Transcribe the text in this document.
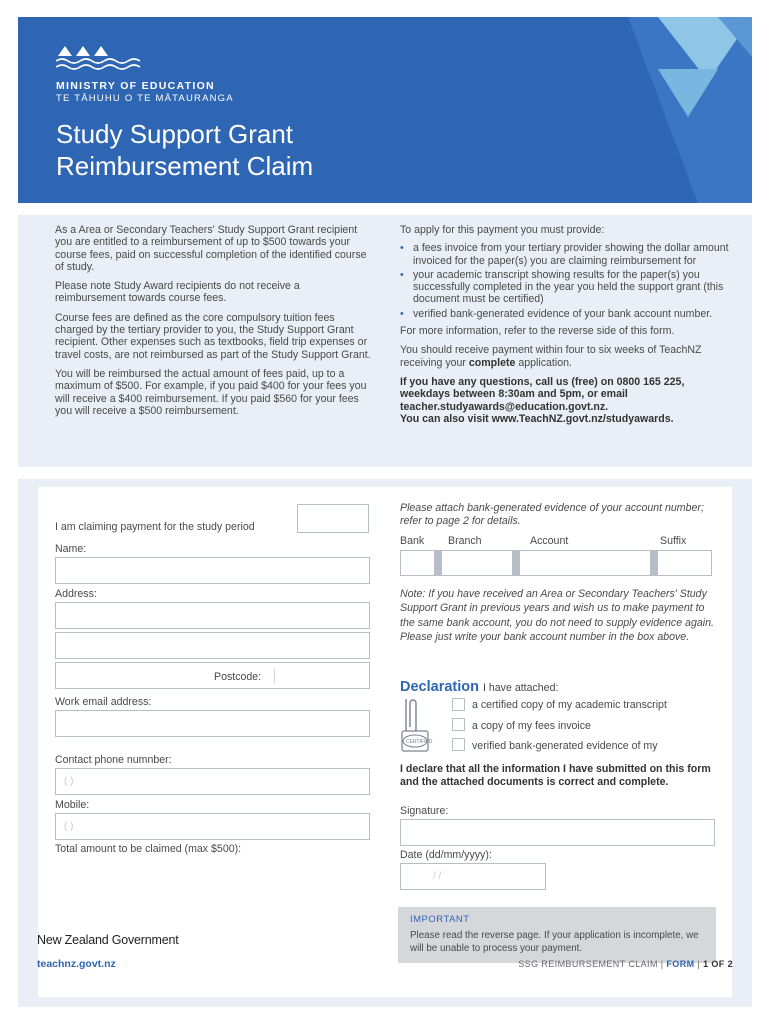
MINISTRY OF EDUCATION
TE TĀHUHU O TE MĀTAURANGA
Study Support Grant
Reimbursement Claim

As a Area or Secondary Teachers' Study Support Grant recipient you are entitled to a reimbursement of up to $500 towards your course fees, paid on successful completion of the identified course of study.

Please note Study Award recipients do not receive a reimbursement towards course fees.

Course fees are defined as the core compulsory tuition fees charged by the tertiary provider to you, the Study Support Grant recipient. Other expenses such as textbooks, field trip expenses or travel costs, are not reimbursed as part of the Study Support Grant.

You will be reimbursed the actual amount of fees paid, up to a maximum of $500. For example, if you paid $400 for your fees you will receive a $400 reimbursement. If you paid $560 for your fees you will receive a $500 reimbursement.

To apply for this payment you must provide:
• a fees invoice from your tertiary provider showing the dollar amount invoiced for the paper(s) you are claiming reimbursement for
• your academic transcript showing results for the paper(s) you successfully completed in the year you held the support grant (this document must be certified)
• verified bank-generated evidence of your bank account number.

For more information, refer to the reverse side of this form.

You should receive payment within four to six weeks of TeachNZ receiving your complete application.

If you have any questions, call us (free) on 0800 165 225, weekdays between 8:30am and 5pm, or email teacher.studyawards@education.govt.nz.
You can also visit www.TeachNZ.govt.nz/studyawards.
I am claiming payment for the study period
Name:
Address:
Postcode:
Work email address:
Contact phone numnber:
( )
Mobile:
( )
Total amount to be claimed (max $500):
Please attach bank-generated evidence of your account number; refer to page 2 for details.
Bank Branch	Account	Suffix
Note: If you have received an Area or Secondary Teachers' Study Support Grant in previous years and wish us to make payment to the same bank account, you do not need to supply evidence again. Please just write your bank account number in the box above.
Declaration I have attached:
CERTIFIED
a certified copy of my academic transcript
a copy of my fees invoice
verified bank-generated evidence of my
I declare that all the information I have submitted on this form and the attached documents is correct and complete.
Signature:
Date (dd/mm/yyyy):
/ /
IMPORTANT
Please read the reverse page. If your application is incomplete, we will be unable to process your payment.
New Zealand Government
teachnz.govt.nz	SSG REIMBURSEMENT CLAIM | FORM | 1 OF 2
